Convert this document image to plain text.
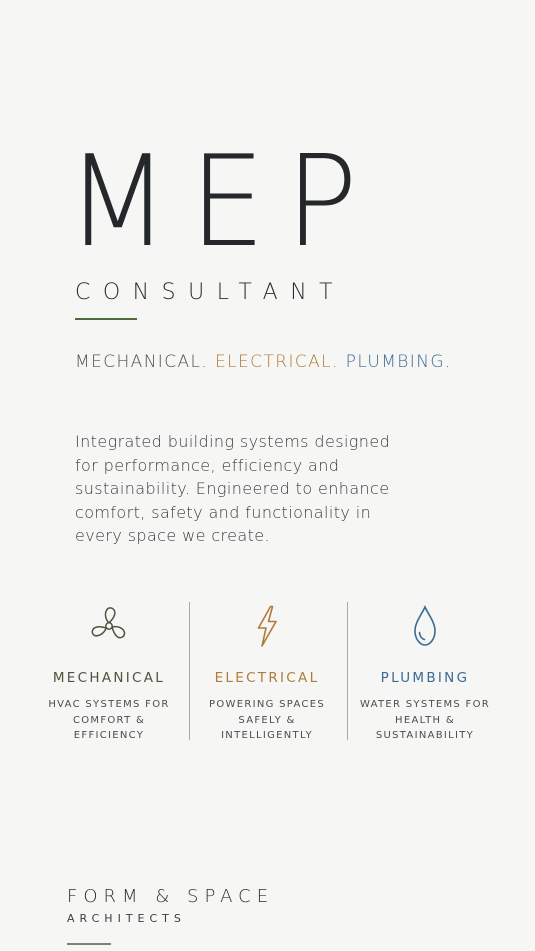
MEP
CONSULTANT
MECHANICAL. ELECTRICAL. PLUMBING.

Integrated building systems designed for performance, efficiency and sustainability. Engineered to enhance comfort, safety and functionality in every space we create.

MECHANICAL
HVAC SYSTEMS FOR COMFORT & EFFICIENCY
ELECTRICAL
POWERING SPACES SAFELY & INTELLIGENTLY
PLUMBING
WATER SYSTEMS FOR HEALTH & SUSTAINABILITY
FORM & SPACE
ARCHITECTS
